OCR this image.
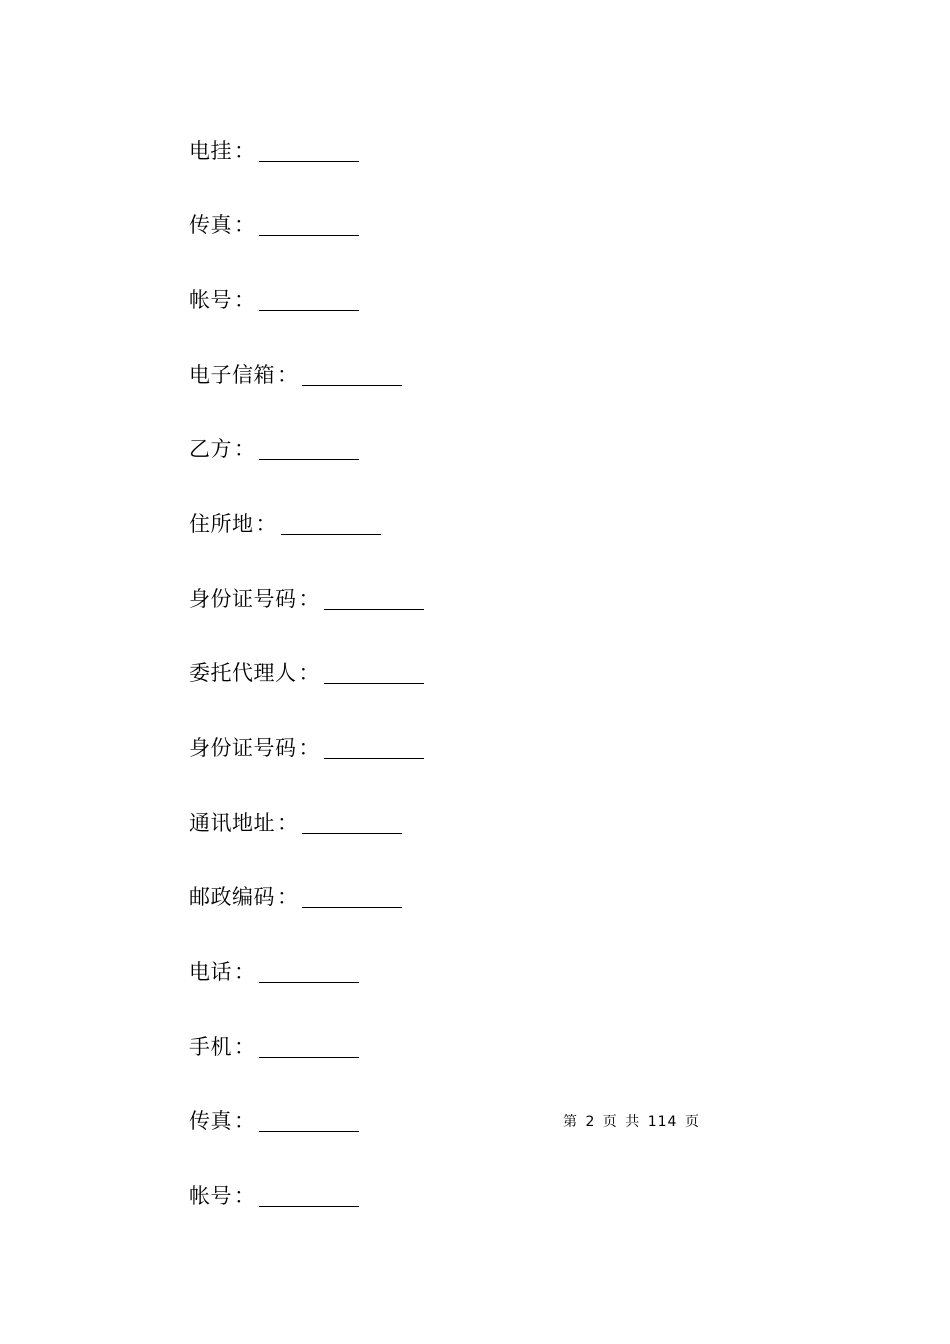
电挂 ：
传真 ：
帐号 ：
电子信箱 ：
乙方 ：
住所地 ：
身份证号码 ：
委托代理人 ：
身份证号码 ：
通讯地址 ：
邮政编码 ：
电话 ：
手机 ：
传真 ：
帐号 ：
第 2 页 共 114 页
